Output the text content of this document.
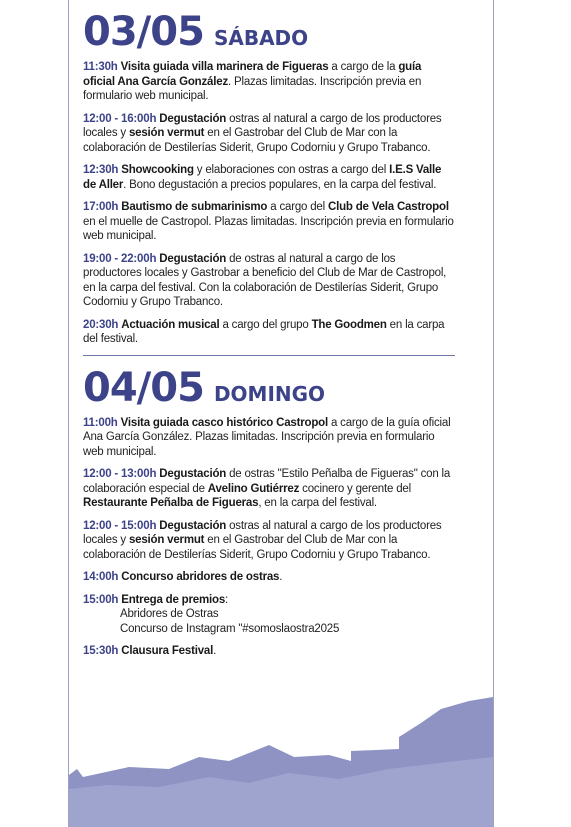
03/05 SÁBADO

11:30h Visita guiada villa marinera de Figueras a cargo de la guía oficial Ana García González. Plazas limitadas. Inscripción previa en formulario web municipal.

12:00 - 16:00h Degustación ostras al natural a cargo de los productores locales y sesión vermut en el Gastrobar del Club de Mar con la colaboración de Destilerías Siderit, Grupo Codorniu y Grupo Trabanco.

12:30h Showcooking y elaboraciones con ostras a cargo del I.E.S Valle de Aller. Bono degustación a precios populares, en la carpa del festival.

17:00h Bautismo de submarinismo a cargo del Club de Vela Castropol en el muelle de Castropol. Plazas limitadas. Inscripción previa en formulario web municipal.

19:00 - 22:00h Degustación de ostras al natural a cargo de los productores locales y Gastrobar a beneficio del Club de Mar de Castropol, en la carpa del festival. Con la colaboración de Destilerías Siderit, Grupo Codorniu y Grupo Trabanco.

20:30h Actuación musical a cargo del grupo The Goodmen en la carpa del festival.

04/05 DOMINGO

11:00h Visita guiada casco histórico Castropol a cargo de la guía oficial Ana García González. Plazas limitadas. Inscripción previa en formulario web municipal.

12:00 - 13:00h Degustación de ostras "Estilo Peñalba de Figueras" con la colaboración especial de Avelino Gutiérrez cocinero y gerente del Restaurante Peñalba de Figueras, en la carpa del festival.

12:00 - 15:00h Degustación ostras al natural a cargo de los productores locales y sesión vermut en el Gastrobar del Club de Mar con la colaboración de Destilerías Siderit, Grupo Codorniu y Grupo Trabanco.

14:00h Concurso abridores de ostras.

15:00h Entrega de premios:
Abridores de Ostras
Concurso de Instagram "#somoslaostra2025

15:30h Clausura Festival.
